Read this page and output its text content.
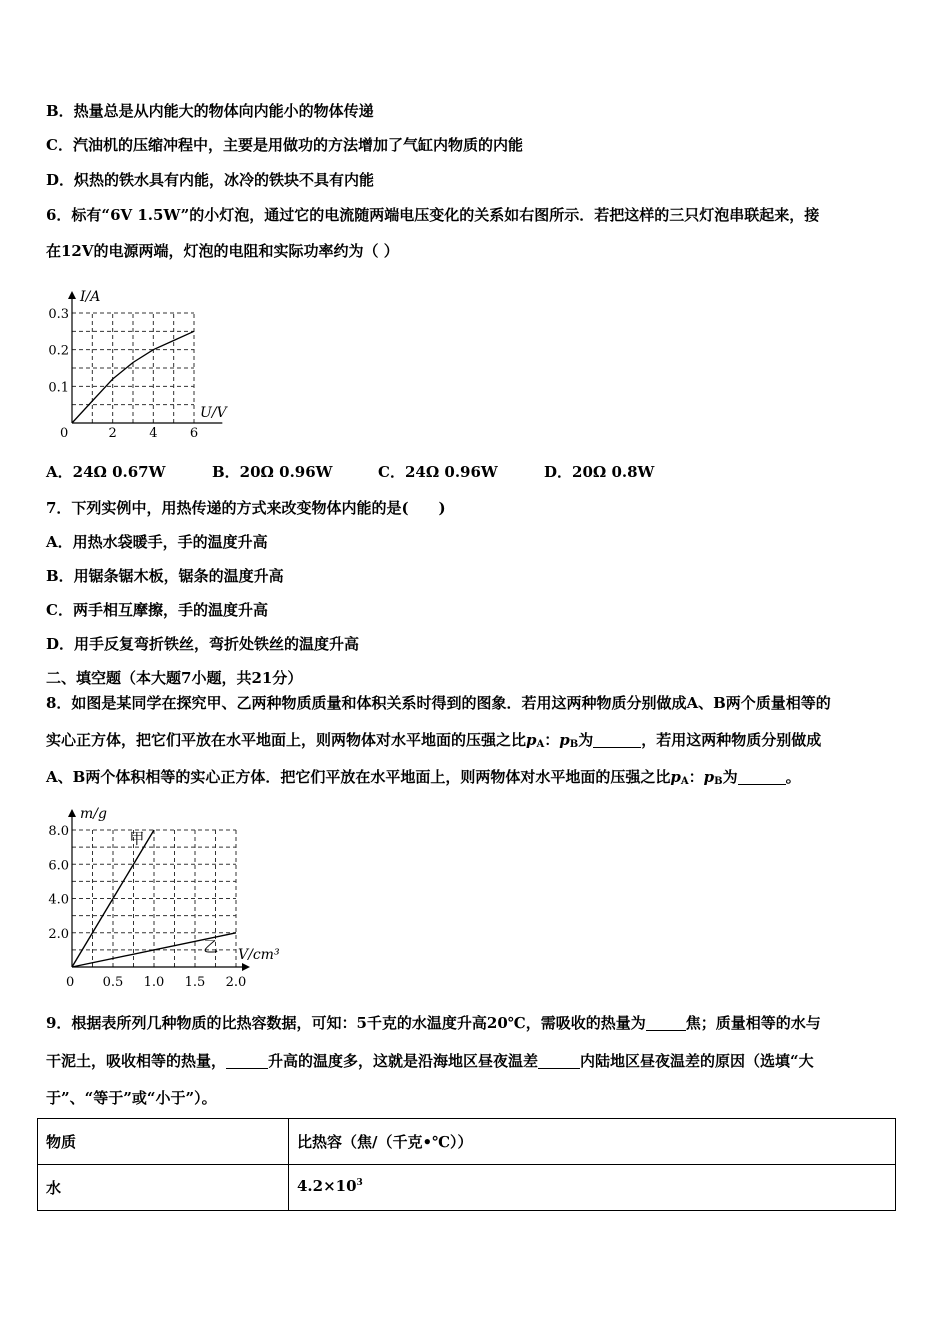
B．热量总是从内能大的物体向内能小的物体传递
C．汽油机的压缩冲程中，主要是用做功的方法增加了气缸内物质的内能
D．炽热的铁水具有内能，冰冷的铁块不具有内能
6．标有“6V 1.5W”的小灯泡，通过它的电流随两端电压变化的关系如右图所示．若把这样的三只灯泡串联起来，接
在12V的电源两端，灯泡的电阻和实际功率约为（ ）
I/A
U/V
0	2 4 6
0.1
0.2
0.3
A．24Ω 0.67W	B．20Ω 0.96W	C．24Ω 0.96W	D．20Ω 0.8W
7．下列实例中，用热传递的方式来改变物体内能的是(　　)
A．用热水袋暖手，手的温度升高
B．用锯条锯木板，锯条的温度升高
C．两手相互摩擦，手的温度升高
D．用手反复弯折铁丝，弯折处铁丝的温度升高
二、填空题（本大题7小题，共21分）
8．如图是某同学在探究甲、乙两种物质质量和体积关系时得到的图象．若用这两种物质分别做成A、B两个质量相等的
实心正方体，把它们平放在水平地面上，则两物体对水平地面的压强之比$p_A$：$p_B$为	，若用这两种物质分别做成
A、B两个体积相等的实心正方体．把它们平放在水平地面上，则两物体对水平地面的压强之比$p_A$：$p_B$为	。
m/g
V/cm³
0
甲
乙
0.5 1.0 1.5 2.0
2.0
4.0
6.0
8.0
9．根据表所列几种物质的比热容数据，可知：5千克的水温度升高20℃，需吸收的热量为	焦；质量相等的水与
干泥土，吸收相等的热量，	升高的温度多，这就是沿海地区昼夜温差	内陆地区昼夜温差的原因（选填“大
于”、“等于”或“小于”）。
物质	比热容（焦/（千克•℃））
水	$4.2\times 10^3$
